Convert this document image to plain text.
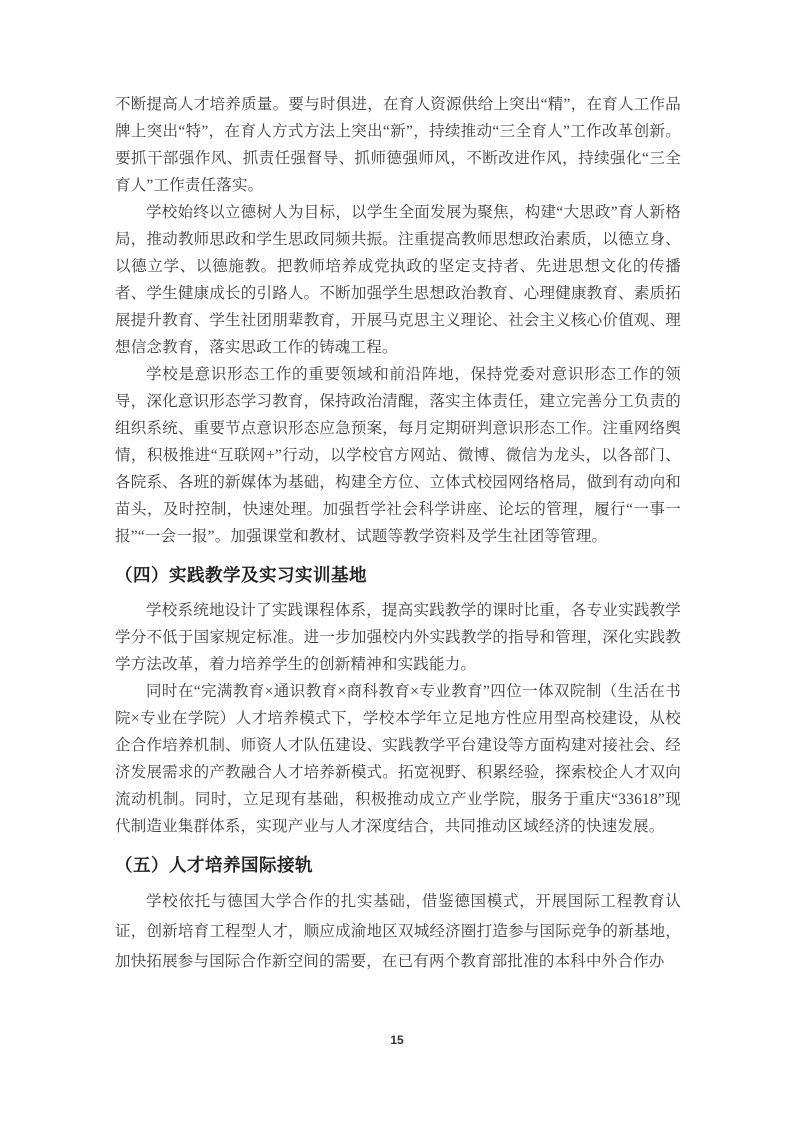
不断提高人才培养质量。要与时俱进，在育人资源供给上突出“精”，在育人工作品牌上突出“特”，在育人方式方法上突出“新”，持续推动“三全育人”工作改革创新。要抓干部强作风、抓责任强督导、抓师德强师风，不断改进作风，持续强化“三全育人”工作责任落实。

学校始终以立德树人为目标，以学生全面发展为聚焦，构建“大思政”育人新格局，推动教师思政和学生思政同频共振。注重提高教师思想政治素质，以德立身、以德立学、以德施教。把教师培养成党执政的坚定支持者、先进思想文化的传播者、学生健康成长的引路人。不断加强学生思想政治教育、心理健康教育、素质拓展提升教育、学生社团朋辈教育，开展马克思主义理论、社会主义核心价值观、理想信念教育，落实思政工作的铸魂工程。

学校是意识形态工作的重要领域和前沿阵地，保持党委对意识形态工作的领导，深化意识形态学习教育，保持政治清醒，落实主体责任，建立完善分工负责的组织系统、重要节点意识形态应急预案，每月定期研判意识形态工作。注重网络舆情，积极推进“互联网+”行动，以学校官方网站、微博、微信为龙头，以各部门、各院系、各班的新媒体为基础，构建全方位、立体式校园网络格局，做到有动向和苗头，及时控制，快速处理。加强哲学社会科学讲座、论坛的管理，履行“一事一报”“一会一报”。加强课堂和教材、试题等教学资料及学生社团等管理。

（四）实践教学及实习实训基地

学校系统地设计了实践课程体系，提高实践教学的课时比重，各专业实践教学学分不低于国家规定标准。进一步加强校内外实践教学的指导和管理，深化实践教学方法改革，着力培养学生的创新精神和实践能力。

同时在“完满教育×通识教育×商科教育×专业教育”四位一体双院制（生活在书院×专业在学院）人才培养模式下，学校本学年立足地方性应用型高校建设，从校企合作培养机制、师资人才队伍建设、实践教学平台建设等方面构建对接社会、经济发展需求的产教融合人才培养新模式。拓宽视野、积累经验，探索校企人才双向流动机制。同时，立足现有基础，积极推动成立产业学院，服务于重庆“33618”现代制造业集群体系，实现产业与人才深度结合，共同推动区域经济的快速发展。

（五）人才培养国际接轨

学校依托与德国大学合作的扎实基础，借鉴德国模式，开展国际工程教育认证，创新培育工程型人才，顺应成渝地区双城经济圈打造参与国际竞争的新基地，加快拓展参与国际合作新空间的需要，在已有两个教育部批准的本科中外合作办

15
